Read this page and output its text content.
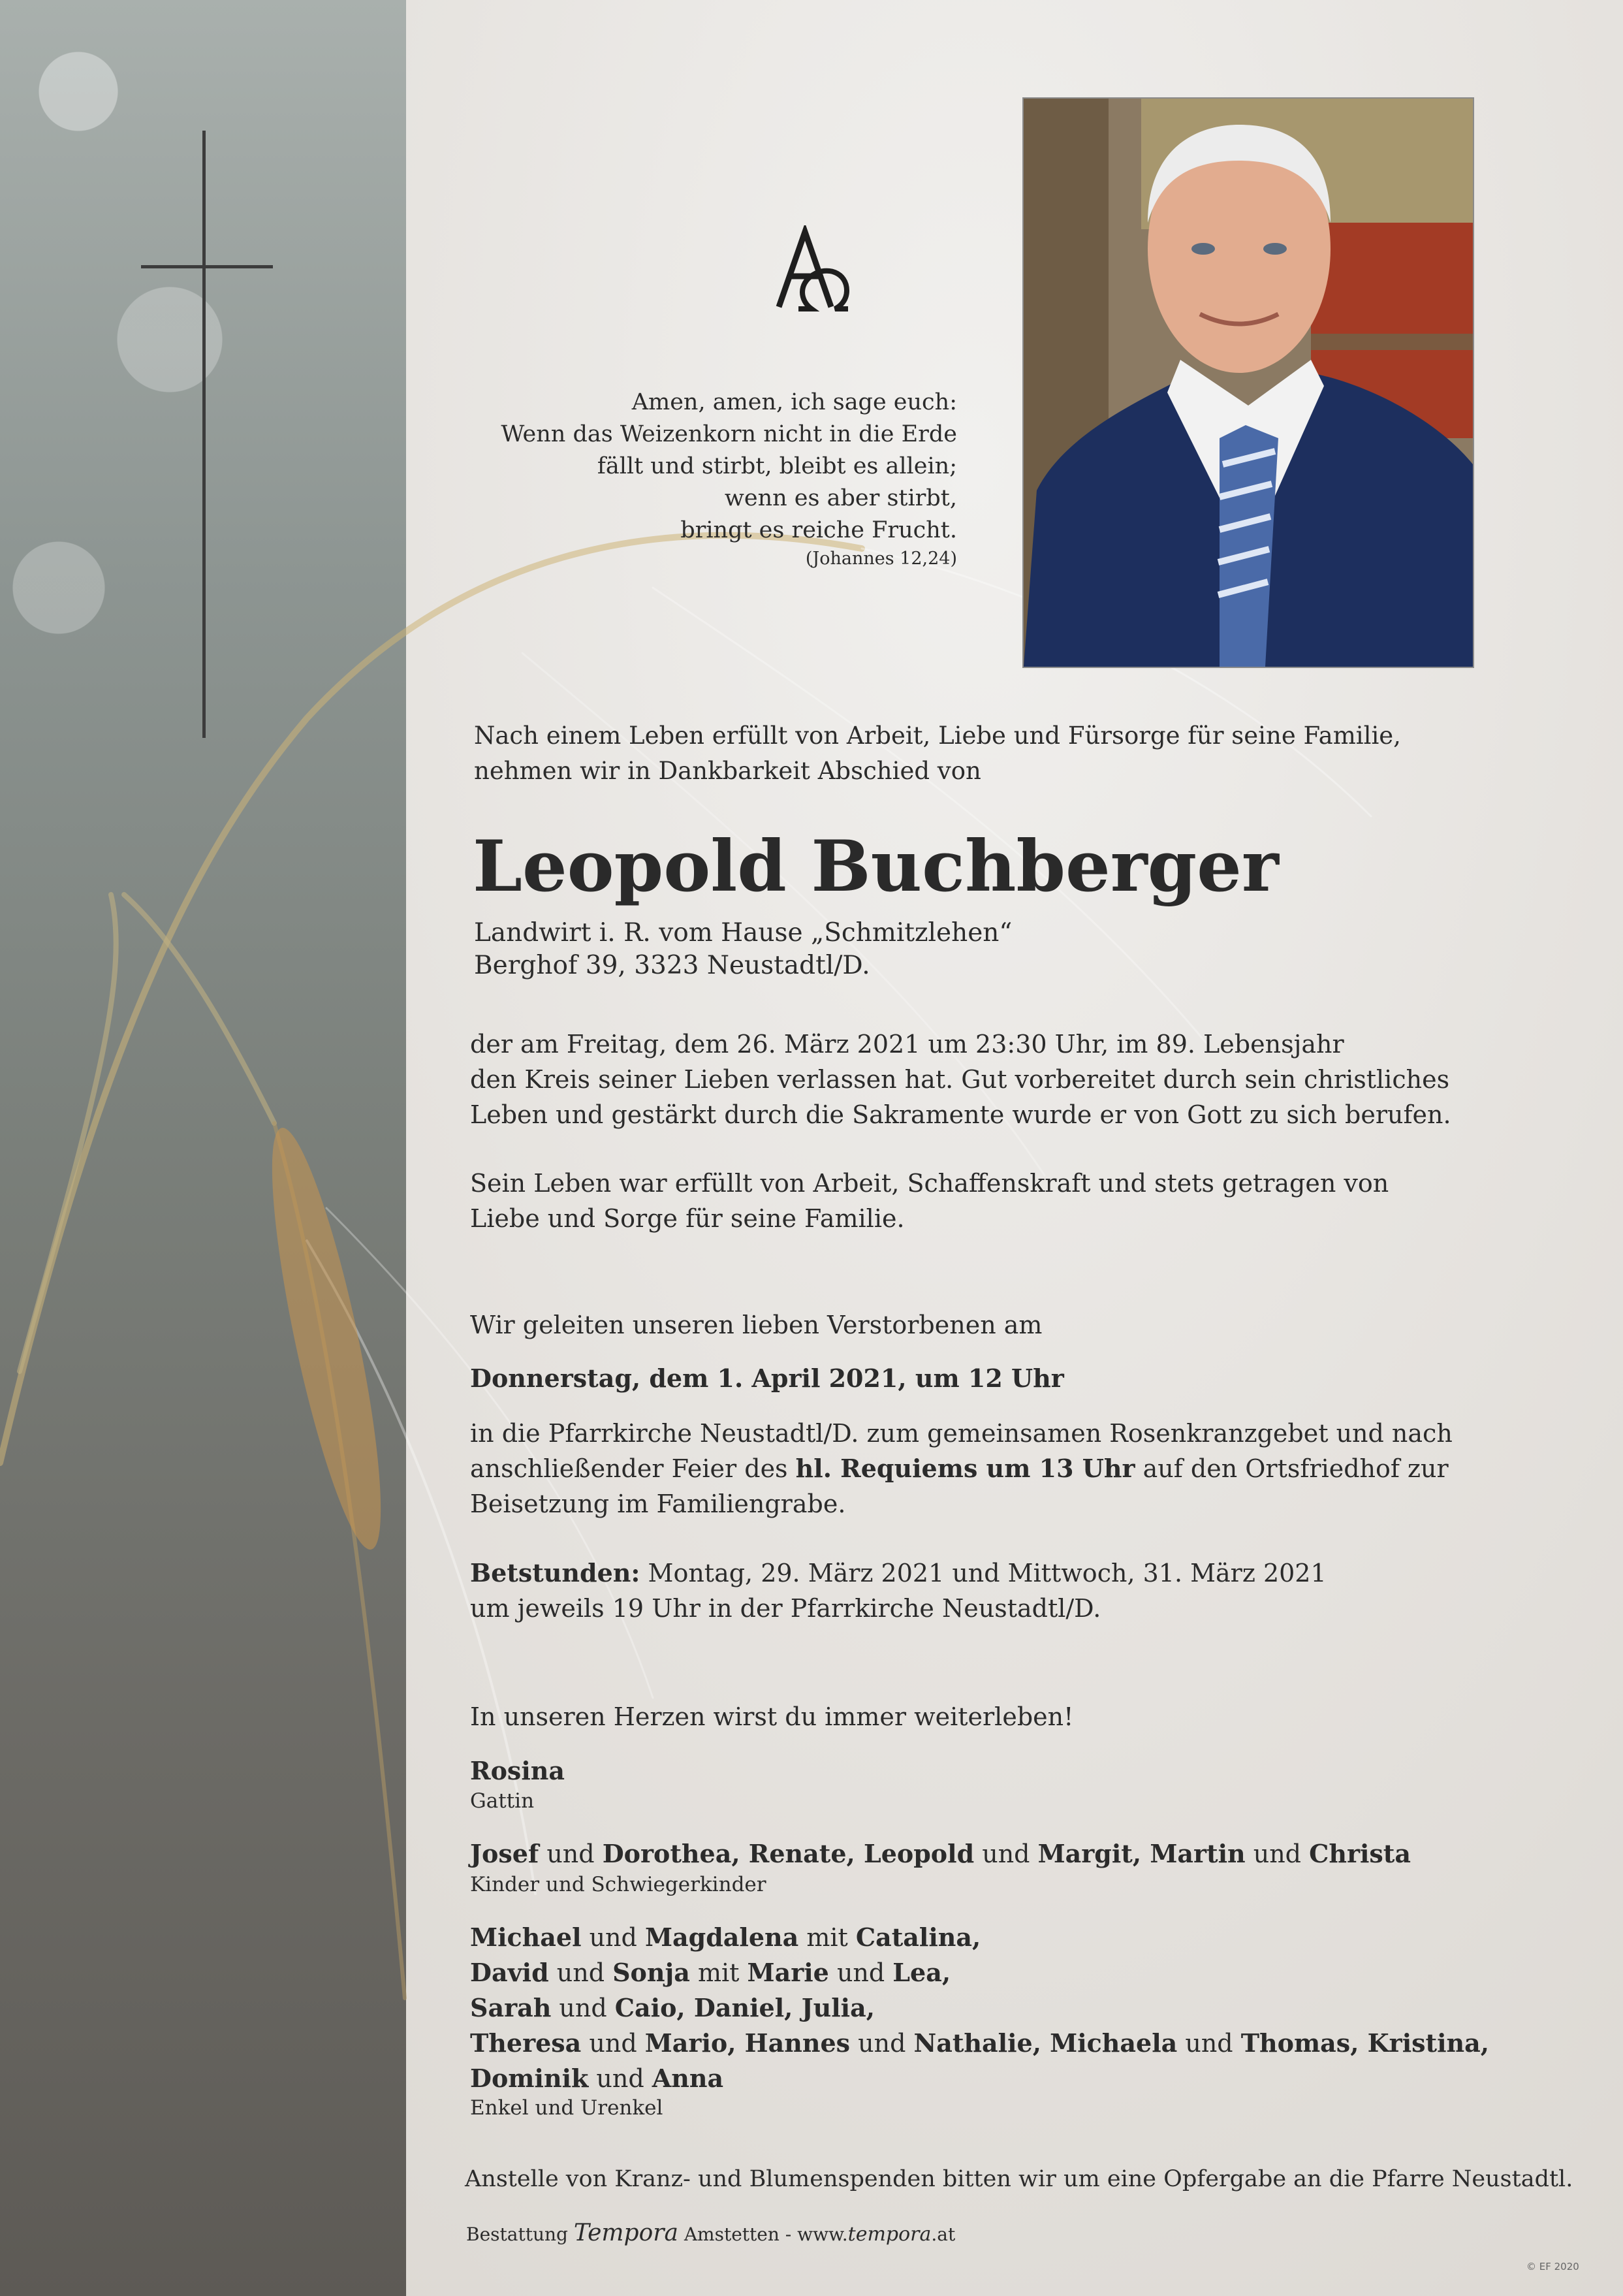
Amen, amen, ich sage euch:
Wenn das Weizenkorn nicht in die Erde
fällt und stirbt, bleibt es allein;
wenn es aber stirbt,
bringt es reiche Frucht.
(Johannes 12,24)
Nach einem Leben erfüllt von Arbeit, Liebe und Fürsorge für seine Familie,
nehmen wir in Dankbarkeit Abschied von
Leopold Buchberger
Landwirt i. R. vom Hause „Schmitzlehen“
Berghof 39, 3323 Neustadtl/D.
der am Freitag, dem 26. März 2021 um 23:30 Uhr, im 89. Lebensjahr
den Kreis seiner Lieben verlassen hat. Gut vorbereitet durch sein christliches
Leben und gestärkt durch die Sakramente wurde er von Gott zu sich berufen.
Sein Leben war erfüllt von Arbeit, Schaffenskraft und stets getragen von
Liebe und Sorge für seine Familie.
Wir geleiten unseren lieben Verstorbenen am
Donnerstag, dem 1. April 2021, um 12 Uhr
in die Pfarrkirche Neustadtl/D. zum gemeinsamen Rosenkranzgebet und nach
anschließender Feier des hl. Requiems um 13 Uhr auf den Ortsfriedhof zur
Beisetzung im Familiengrabe.
Betstunden: Montag, 29. März 2021 und Mittwoch, 31. März 2021
um jeweils 19 Uhr in der Pfarrkirche Neustadtl/D.
In unseren Herzen wirst du immer weiterleben!
Rosina
Gattin
Josef und Dorothea, Renate, Leopold und Margit, Martin und Christa
Kinder und Schwiegerkinder
Michael und Magdalena mit Catalina,
David und Sonja mit Marie und Lea,
Sarah und Caio, Daniel, Julia,
Theresa und Mario, Hannes und Nathalie, Michaela und Thomas, Kristina,
Dominik und Anna
Enkel und Urenkel
Anstelle von Kranz- und Blumenspenden bitten wir um eine Opfergabe an die Pfarre Neustadtl.
Bestattung Tempora Amstetten - www.tempora.at
© EF 2020
